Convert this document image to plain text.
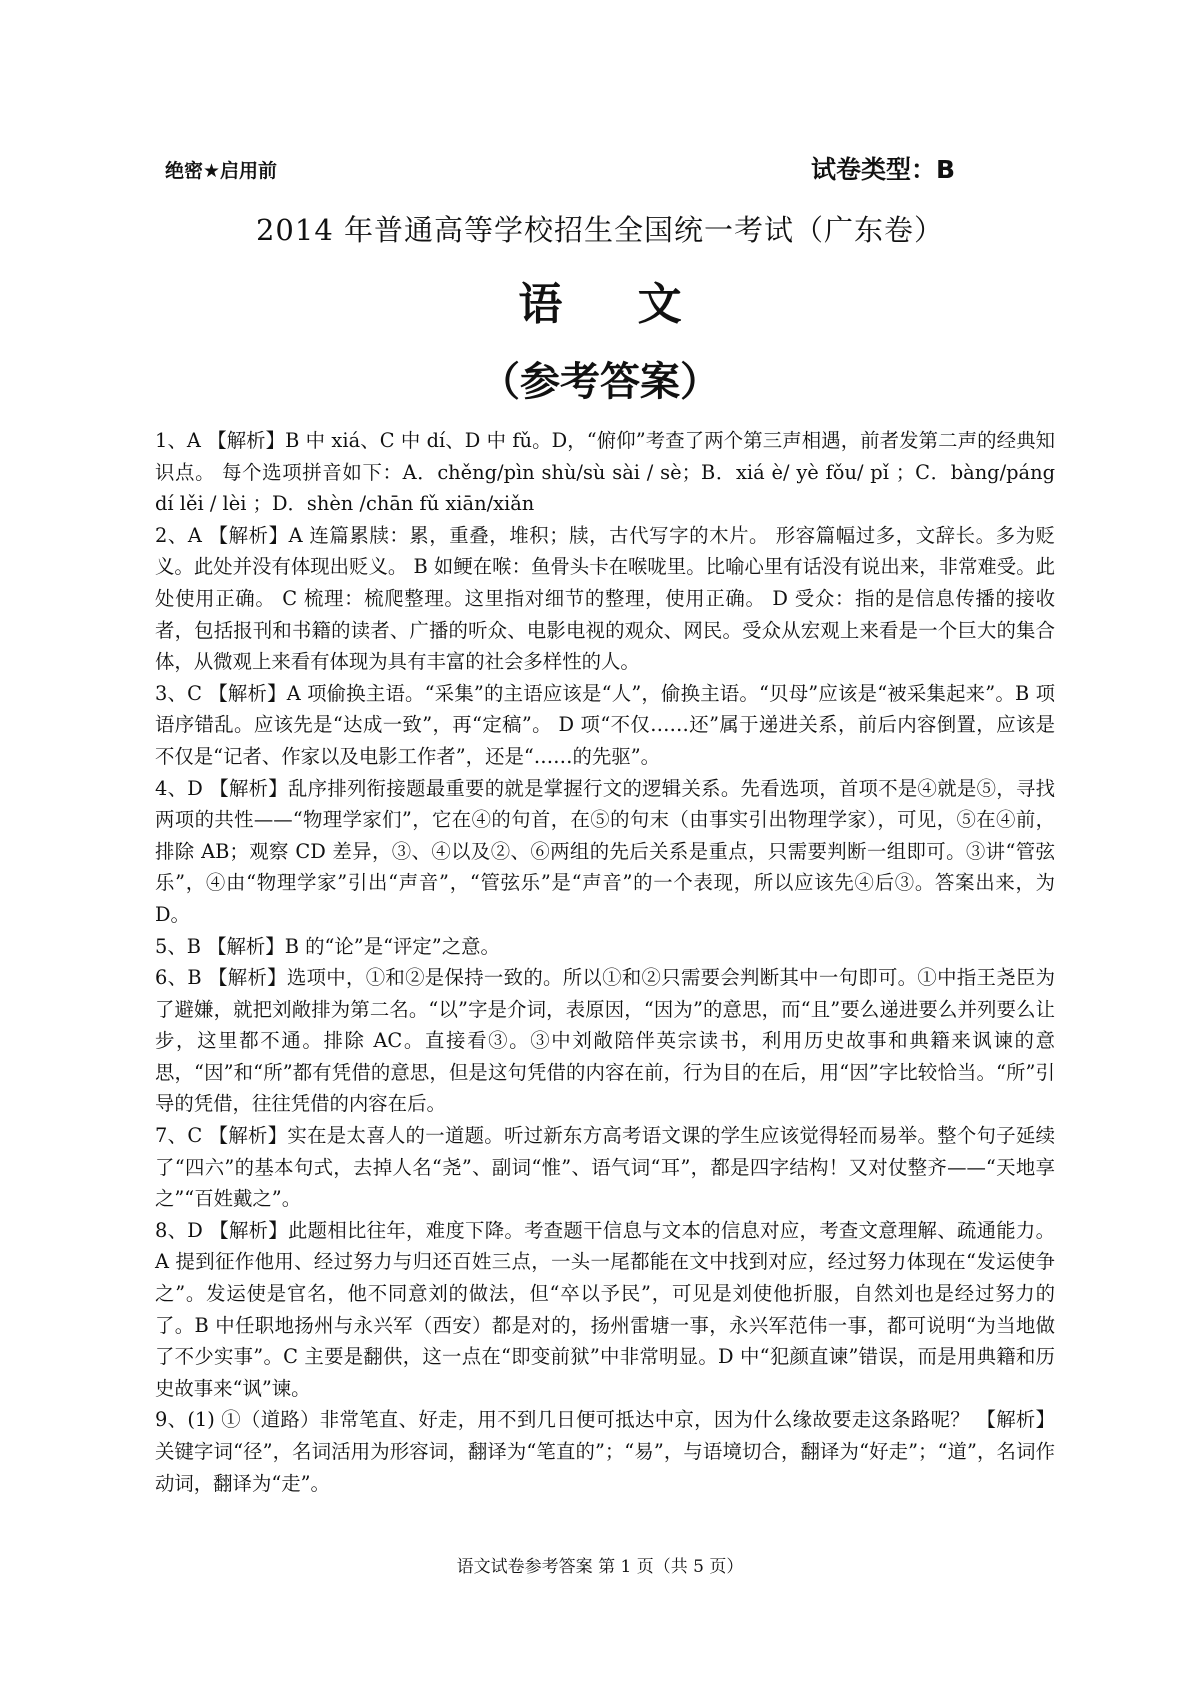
绝密★启用前	试卷类型：B
2014 年普通高等学校招生全国统一考试（广东卷）
语 文
（参考答案）

1、A 【解析】B 中 xiá、C 中 dí、D 中 fǔ。D，“俯仰”考查了两个第三声相遇，前者发第二声的经典知识点。 每个选项拼音如下：A．chěng/pìn shù/sù sài / sè；B．xiá è/ yè fǒu/ pǐ ；C．bàng/páng dí lěi / lèi ；D．shèn /chān fǔ xiān/xiǎn

2、A 【解析】A 连篇累牍：累，重叠，堆积；牍，古代写字的木片。 形容篇幅过多，文辞长。多为贬义。此处并没有体现出贬义。 B 如鲠在喉：鱼骨头卡在喉咙里。比喻心里有话没有说出来，非常难受。此处使用正确。 C 梳理：梳爬整理。这里指对细节的整理，使用正确。 D 受众：指的是信息传播的接收者，包括报刊和书籍的读者、广播的听众、电影电视的观众、网民。受众从宏观上来看是一个巨大的集合体，从微观上来看有体现为具有丰富的社会多样性的人。

3、C 【解析】A 项偷换主语。“采集”的主语应该是“人”，偷换主语。“贝母”应该是“被采集起来”。B 项语序错乱。应该先是“达成一致”，再“定稿”。 D 项“不仅……还”属于递进关系，前后内容倒置，应该是不仅是“记者、作家以及电影工作者”，还是“……的先驱”。

4、D 【解析】乱序排列衔接题最重要的就是掌握行文的逻辑关系。先看选项，首项不是④就是⑤，寻找两项的共性——“物理学家们”，它在④的句首，在⑤的句末（由事实引出物理学家），可见，⑤在④前，排除 AB；观察 CD 差异，③、④以及②、⑥两组的先后关系是重点，只需要判断一组即可。③讲“管弦乐”，④由“物理学家”引出“声音”，“管弦乐”是“声音”的一个表现，所以应该先④后③。答案出来，为 D。

5、B 【解析】B 的“论”是“评定”之意。

6、B 【解析】选项中，①和②是保持一致的。所以①和②只需要会判断其中一句即可。①中指王尧臣为了避嫌，就把刘敞排为第二名。“以”字是介词，表原因，“因为”的意思，而“且”要么递进要么并列要么让步，这里都不通。排除 AC。直接看③。③中刘敞陪伴英宗读书，利用历史故事和典籍来讽谏的意思，“因”和“所”都有凭借的意思，但是这句凭借的内容在前，行为目的在后，用“因”字比较恰当。“所”引导的凭借，往往凭借的内容在后。

7、C 【解析】实在是太喜人的一道题。听过新东方高考语文课的学生应该觉得轻而易举。整个句子延续了“四六”的基本句式，去掉人名“尧”、副词“惟”、语气词“耳”，都是四字结构！又对仗整齐——“天地享之”“百姓戴之”。

8、D 【解析】此题相比往年，难度下降。考查题干信息与文本的信息对应，考查文意理解、疏通能力。A 提到征作他用、经过努力与归还百姓三点，一头一尾都能在文中找到对应，经过努力体现在“发运使争之”。发运使是官名，他不同意刘的做法，但“卒以予民”，可见是刘使他折服，自然刘也是经过努力的了。B 中任职地扬州与永兴军（西安）都是对的，扬州雷塘一事，永兴军范伟一事，都可说明“为当地做了不少实事”。C 主要是翻供，这一点在“即变前狱”中非常明显。D 中“犯颜直谏”错误，而是用典籍和历史故事来“讽”谏。

9、(1) ①（道路）非常笔直、好走，用不到几日便可抵达中京，因为什么缘故要走这条路呢？ 【解析】关键字词“径”，名词活用为形容词，翻译为“笔直的”；“易”，与语境切合，翻译为“好走”；“道”，名词作动词，翻译为“走”。

语文试卷参考答案 第 1 页（共 5 页）
